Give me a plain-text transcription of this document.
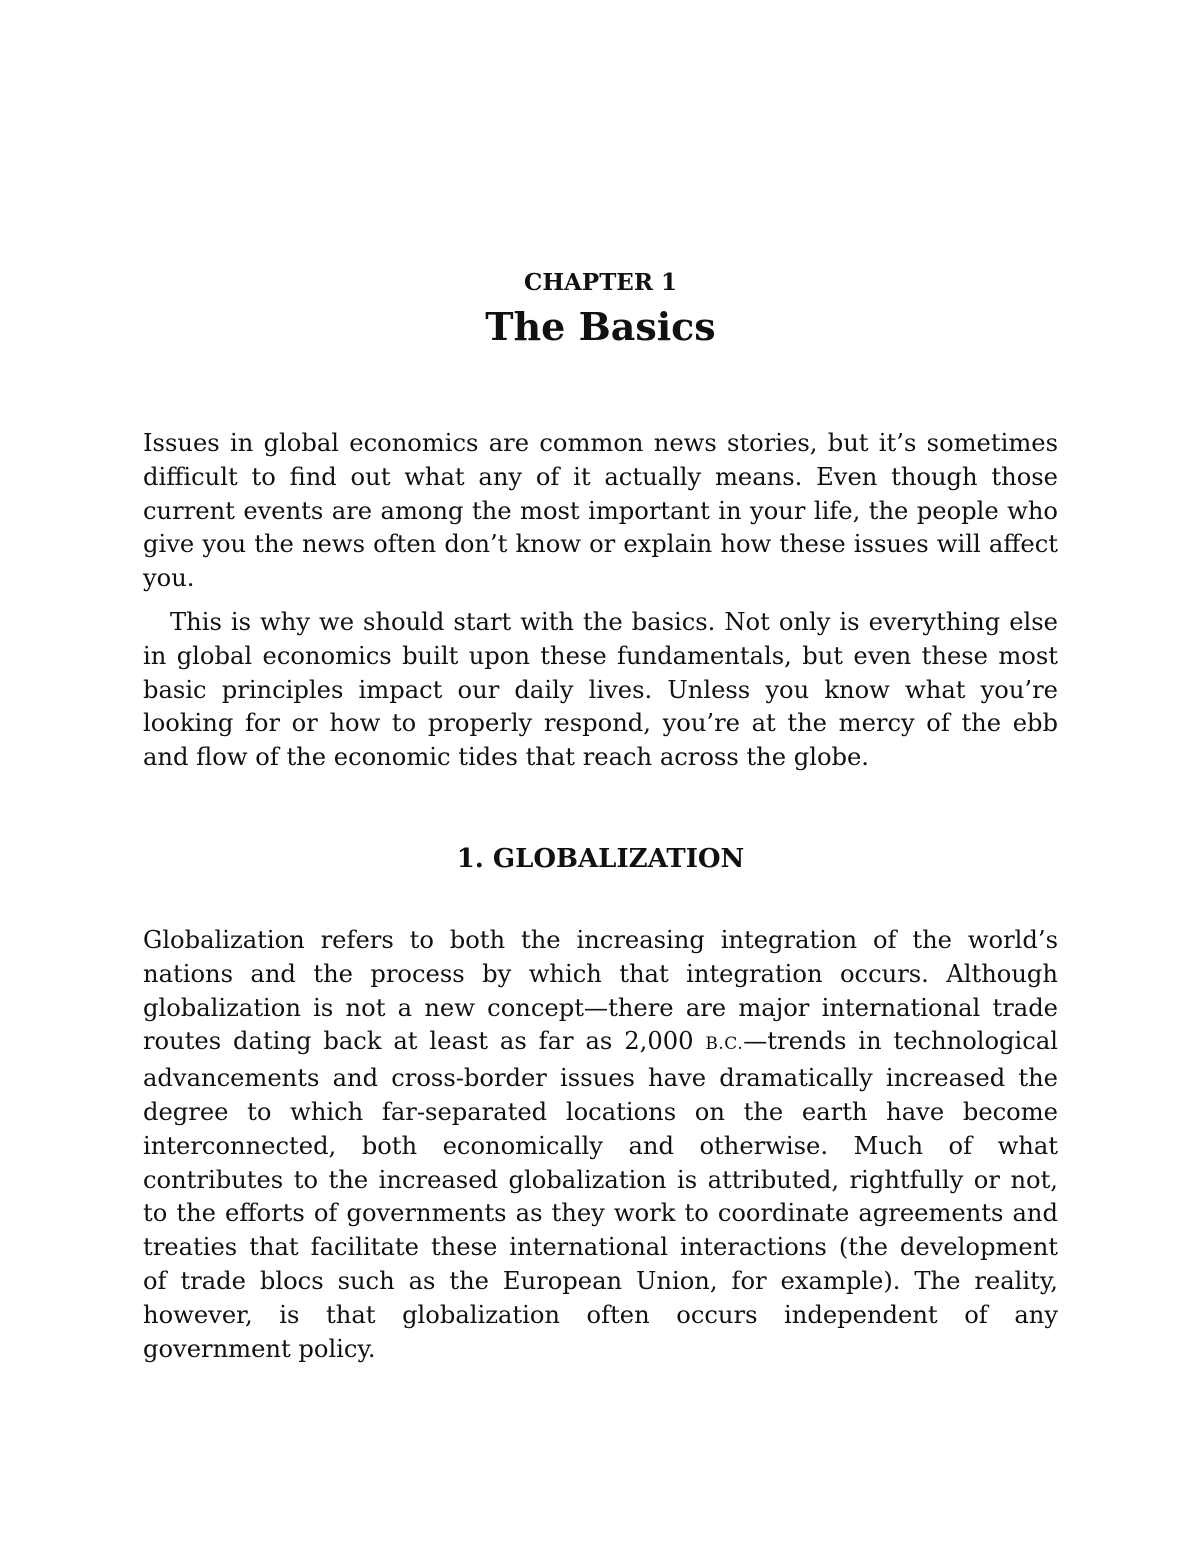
CHAPTER 1
The Basics

Issues in global economics are common news stories, but it’s sometimes difficult to find out what any of it actually means. Even though those current events are among the most important in your life, the people who give you the news often don’t know or explain how these issues will affect you.

This is why we should start with the basics. Not only is everything else in global economics built upon these fundamentals, but even these most basic principles impact our daily lives. Unless you know what you’re looking for or how to properly respond, you’re at the mercy of the ebb and flow of the economic tides that reach across the globe.

1. GLOBALIZATION

Globalization refers to both the increasing integration of the world’s nations and the process by which that integration occurs. Although globalization is not a new concept—there are major international trade routes dating back at least as far as 2,000 B.C.—trends in technological advancements and cross-border issues have dramatically increased the degree to which far-separated locations on the earth have become interconnected, both economically and otherwise. Much of what contributes to the increased globalization is attributed, rightfully or not, to the efforts of governments as they work to coordinate agreements and treaties that facilitate these international interactions (the development of trade blocs such as the European Union, for example). The reality, however, is that globalization often occurs independent of any government policy.
